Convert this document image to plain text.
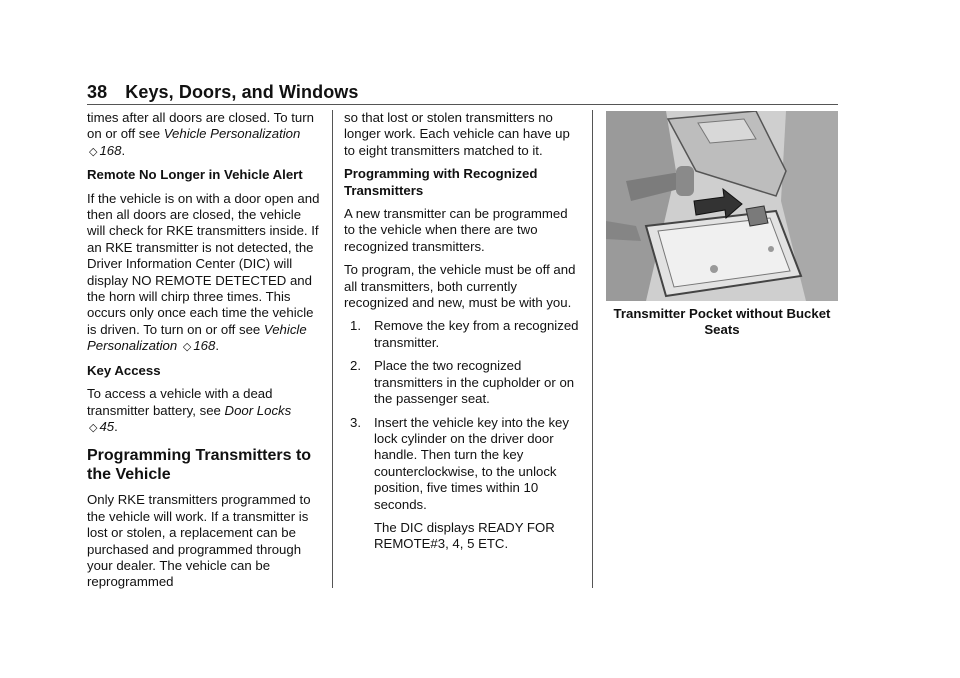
38 Keys, Doors, and Windows

times after all doors are closed. To turn on or off see Vehicle Personalization ◇ 168.

Remote No Longer in Vehicle Alert

If the vehicle is on with a door open and then all doors are closed, the vehicle will check for RKE transmitters inside. If an RKE transmitter is not detected, the Driver Information Center (DIC) will display NO REMOTE DETECTED and the horn will chirp three times. This occurs only once each time the vehicle is driven. To turn on or off see Vehicle Personalization ◇ 168.

Key Access

To access a vehicle with a dead transmitter battery, see Door Locks ◇ 45.

Programming Transmitters to the Vehicle

Only RKE transmitters programmed to the vehicle will work. If a transmitter is lost or stolen, a replacement can be purchased and programmed through your dealer. The vehicle can be reprogrammed

so that lost or stolen transmitters no longer work. Each vehicle can have up to eight transmitters matched to it.

Programming with Recognized Transmitters

A new transmitter can be programmed to the vehicle when there are two recognized transmitters.

To program, the vehicle must be off and all transmitters, both currently recognized and new, must be with you.

1. Remove the key from a recognized transmitter.
2. Place the two recognized transmitters in the cupholder or on the passenger seat.
3. Insert the vehicle key into the key lock cylinder on the driver door handle. Then turn the key counterclockwise, to the unlock position, five times within 10 seconds.

The DIC displays READY FOR REMOTE#3, 4, 5 ETC.

Transmitter Pocket without Bucket Seats
